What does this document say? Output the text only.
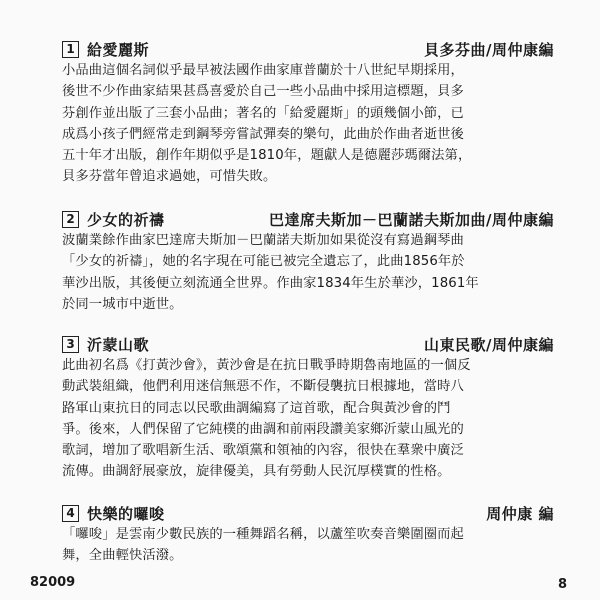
1 給愛麗斯	貝多芬曲/周仲康編
小品曲這個名詞似乎最早被法國作曲家庫普蘭於十八世紀早期採用，
後世不少作曲家結果甚爲喜愛於自己一些小品曲中採用這標題，貝多
芬創作並出版了三套小品曲；著名的「給愛麗斯」的頭幾個小節，已
成爲小孩子們經常走到鋼琴旁嘗試彈奏的樂句，此曲於作曲者逝世後
五十年才出版，創作年期似乎是1810年，題獻人是德麗莎瑪爾法第，
貝多芬當年曾追求過她，可惜失敗。
2 少女的祈禱	巴達席夫斯加－巴蘭諾夫斯加曲/周仲康編
波蘭業餘作曲家巴達席夫斯加－巴蘭諾夫斯加如果從沒有寫過鋼琴曲
「少女的祈禱」，她的名字現在可能已被完全遺忘了，此曲1856年於
華沙出版，其後便立刻流通全世界。作曲家1834年生於華沙，1861年
於同一城市中逝世。
3 沂蒙山歌	山東民歌/周仲康編
此曲初名爲《打黃沙會》，黃沙會是在抗日戰爭時期魯南地區的一個反
動武裝組織，他們利用迷信無惡不作，不斷侵襲抗日根據地，當時八
路軍山東抗日的同志以民歌曲調編寫了這首歌，配合與黃沙會的鬥
爭。後來，人們保留了它純樸的曲調和前兩段讚美家鄉沂蒙山風光的
歌詞，增加了歌唱新生活、歌頌黨和領袖的內容，很快在羣衆中廣泛
流傳。曲調舒展豪放，旋律優美，具有勞動人民沉厚樸實的性格。
4 快樂的囉唆	周仲康 編
「囉唆」是雲南少數民族的一種舞蹈名稱，以蘆笙吹奏音樂圍圈而起
舞，全曲輕快活潑。
82009	8
